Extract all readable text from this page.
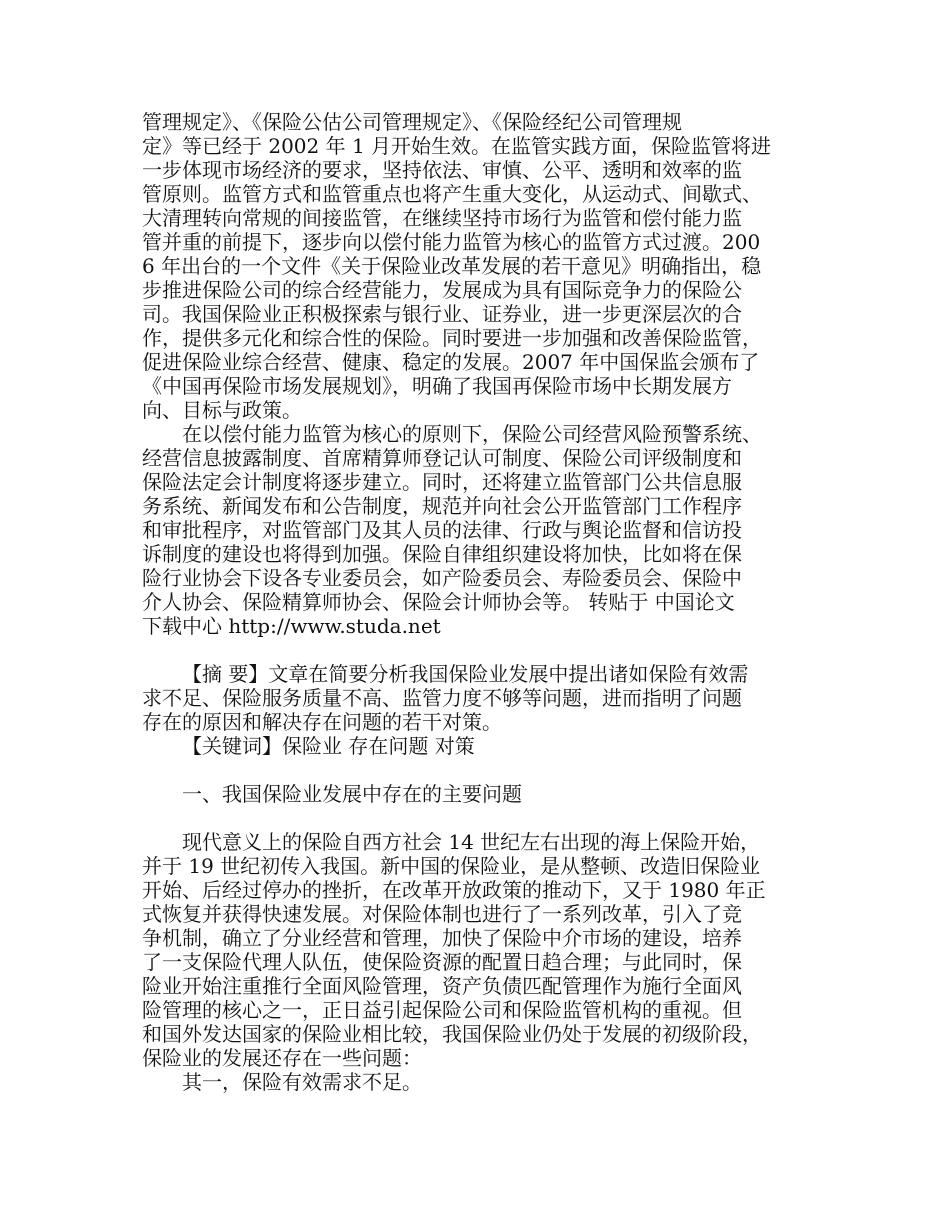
管理规定》、《保险公估公司管理规定》、《保险经纪公司管理规
定》等已经于 2002 年 1 月开始生效。在监管实践方面，保险监管将进
一步体现市场经济的要求，坚持依法、审慎、公平、透明和效率的监
管原则。监管方式和监管重点也将产生重大变化，从运动式、间歇式、
大清理转向常规的间接监管，在继续坚持市场行为监管和偿付能力监
管并重的前提下，逐步向以偿付能力监管为核心的监管方式过渡。200
6 年出台的一个文件《关于保险业改革发展的若干意见》明确指出，稳
步推进保险公司的综合经营能力，发展成为具有国际竞争力的保险公
司。我国保险业正积极探索与银行业、证券业，进一步更深层次的合
作，提供多元化和综合性的保险。同时要进一步加强和改善保险监管，
促进保险业综合经营、健康、稳定的发展。2007 年中国保监会颁布了
《中国再保险市场发展规划》，明确了我国再保险市场中长期发展方
向、目标与政策。
在以偿付能力监管为核心的原则下，保险公司经营风险预警系统、
经营信息披露制度、首席精算师登记认可制度、保险公司评级制度和
保险法定会计制度将逐步建立。同时，还将建立监管部门公共信息服
务系统、新闻发布和公告制度，规范并向社会公开监管部门工作程序
和审批程序，对监管部门及其人员的法律、行政与舆论监督和信访投
诉制度的建设也将得到加强。保险自律组织建设将加快，比如将在保
险行业协会下设各专业委员会，如产险委员会、寿险委员会、保险中
介人协会、保险精算师协会、保险会计师协会等。 转贴于 中国论文
下载中心 http://www.studa.net
【摘 要】文章在简要分析我国保险业发展中提出诸如保险有效需
求不足、保险服务质量不高、监管力度不够等问题，进而指明了问题
存在的原因和解决存在问题的若干对策。
【关键词】保险业 存在问题 对策
一、我国保险业发展中存在的主要问题
现代意义上的保险自西方社会 14 世纪左右出现的海上保险开始，
并于 19 世纪初传入我国。新中国的保险业，是从整顿、改造旧保险业
开始、后经过停办的挫折，在改革开放政策的推动下，又于 1980 年正
式恢复并获得快速发展。对保险体制也进行了一系列改革，引入了竞
争机制，确立了分业经营和管理，加快了保险中介市场的建设，培养
了一支保险代理人队伍，使保险资源的配置日趋合理；与此同时，保
险业开始注重推行全面风险管理，资产负债匹配管理作为施行全面风
险管理的核心之一，正日益引起保险公司和保险监管机构的重视。但
和国外发达国家的保险业相比较，我国保险业仍处于发展的初级阶段，
保险业的发展还存在一些问题：
其一，保险有效需求不足。
